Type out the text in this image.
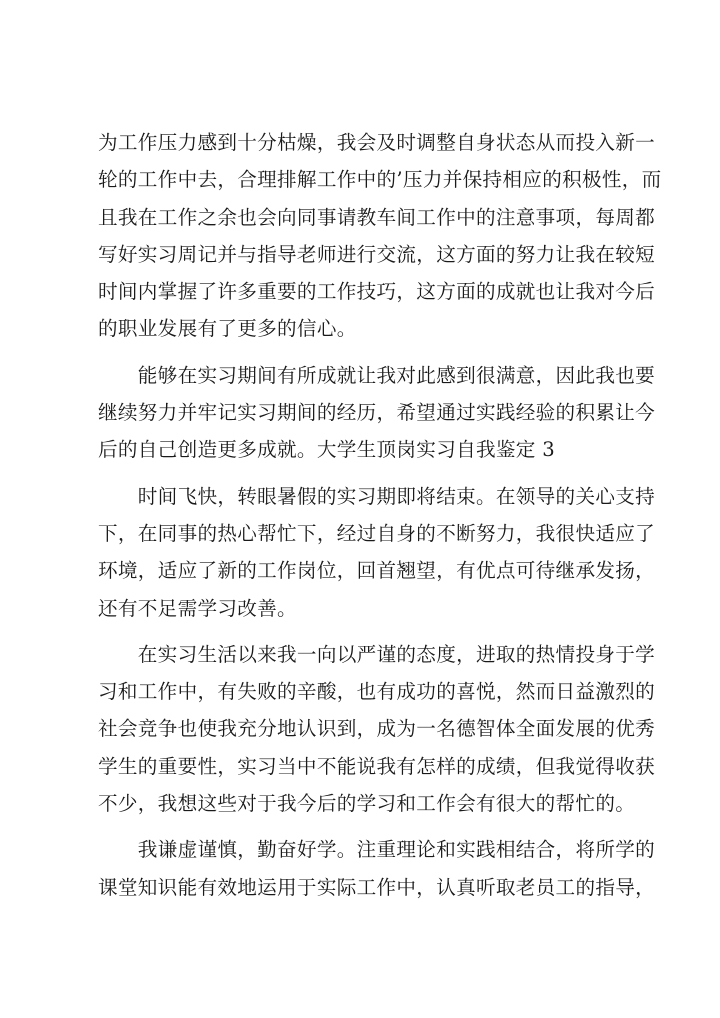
为工作压力感到十分枯燥，我会及时调整自身状态从而投入新一
轮的工作中去，合理排解工作中的’压力并保持相应的积极性，而
且我在工作之余也会向同事请教车间工作中的注意事项，每周都
写好实习周记并与指导老师进行交流，这方面的努力让我在较短
时间内掌握了许多重要的工作技巧，这方面的成就也让我对今后
的职业发展有了更多的信心。

　　能够在实习期间有所成就让我对此感到很满意，因此我也要
继续努力并牢记实习期间的经历，希望通过实践经验的积累让今
后的自己创造更多成就。大学生顶岗实习自我鉴定 3

　　时间飞快，转眼暑假的实习期即将结束。在领导的关心支持
下，在同事的热心帮忙下，经过自身的不断努力，我很快适应了
环境，适应了新的工作岗位，回首翘望，有优点可待继承发扬，
还有不足需学习改善。

　　在实习生活以来我一向以严谨的态度，进取的热情投身于学
习和工作中，有失败的辛酸，也有成功的喜悦，然而日益激烈的
社会竞争也使我充分地认识到，成为一名德智体全面发展的优秀
学生的重要性，实习当中不能说我有怎样的成绩，但我觉得收获
不少，我想这些对于我今后的学习和工作会有很大的帮忙的。

　　我谦虚谨慎，勤奋好学。注重理论和实践相结合，将所学的
课堂知识能有效地运用于实际工作中，认真听取老员工的指导，
